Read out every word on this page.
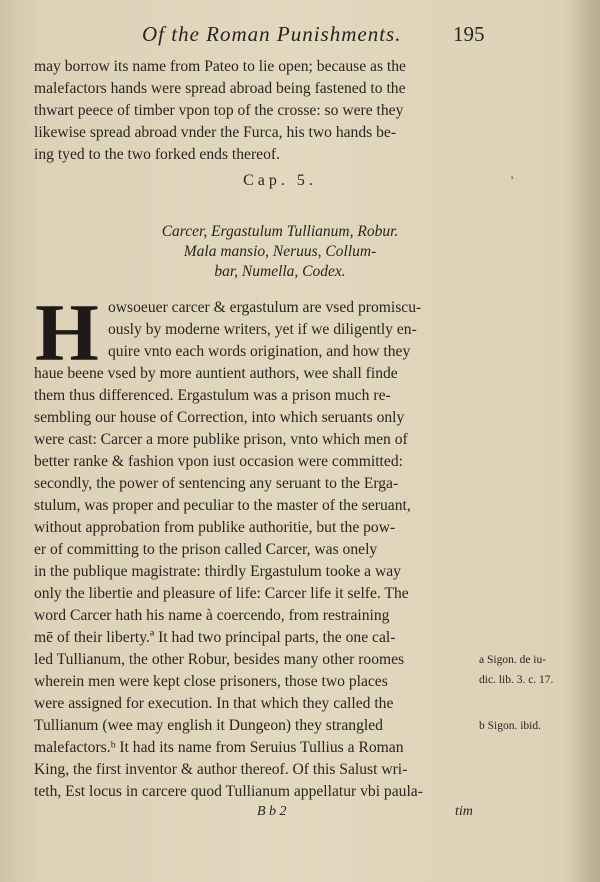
Of the Roman Punishments. 195
may borrow its name from Pateo to lie open; because as the
malefactors hands were spread abroad being fastened to the
thwart peece of timber vpon top of the crosse: so were they
likewise spread abroad vnder the Furca, his two hands be-
ing tyed to the two forked ends thereof.
'
Cap. 5.
Carcer, Ergastulum Tullianum, Robur.
Mala mansio, Neruus, Collum-
bar, Numella, Codex.
H owsoeuer carcer & ergastulum are vsed promiscu-
ously by moderne writers, yet if we diligently en-
quire vnto each words origination, and how they
haue beene vsed by more auntient authors, wee shall finde
them thus differenced. Ergastulum was a prison much re-
sembling our house of Correction, into which seruants only
were cast: Carcer a more publike prison, vnto which men of
better ranke & fashion vpon iust occasion were committed:
secondly, the power of sentencing any seruant to the Erga-
stulum, was proper and peculiar to the master of the seruant,
without approbation from publike authoritie, but the pow-
er of committing to the prison called Carcer, was onely
in the publique magistrate: thirdly Ergastulum tooke a way
only the libertie and pleasure of life: Carcer life it selfe. The
word Carcer hath his name à coercendo, from restraining
mē of their liberty.ª It had two principal parts, the one cal-
led Tullianum, the other Robur, besides many other roomes
wherein men were kept close prisoners, those two places
were assigned for execution. In that which they called the
Tullianum (wee may english it Dungeon) they strangled
malefactors.ᵇ It had its name from Seruius Tullius a Roman
King, the first inventor & author thereof. Of this Salust wri-
teth, Est locus in carcere quod Tullianum appellatur vbi paula-
a Sigon. de iu-
dic. lib. 3. c. 17.
b Sigon. ibid.
B b 2	tim
